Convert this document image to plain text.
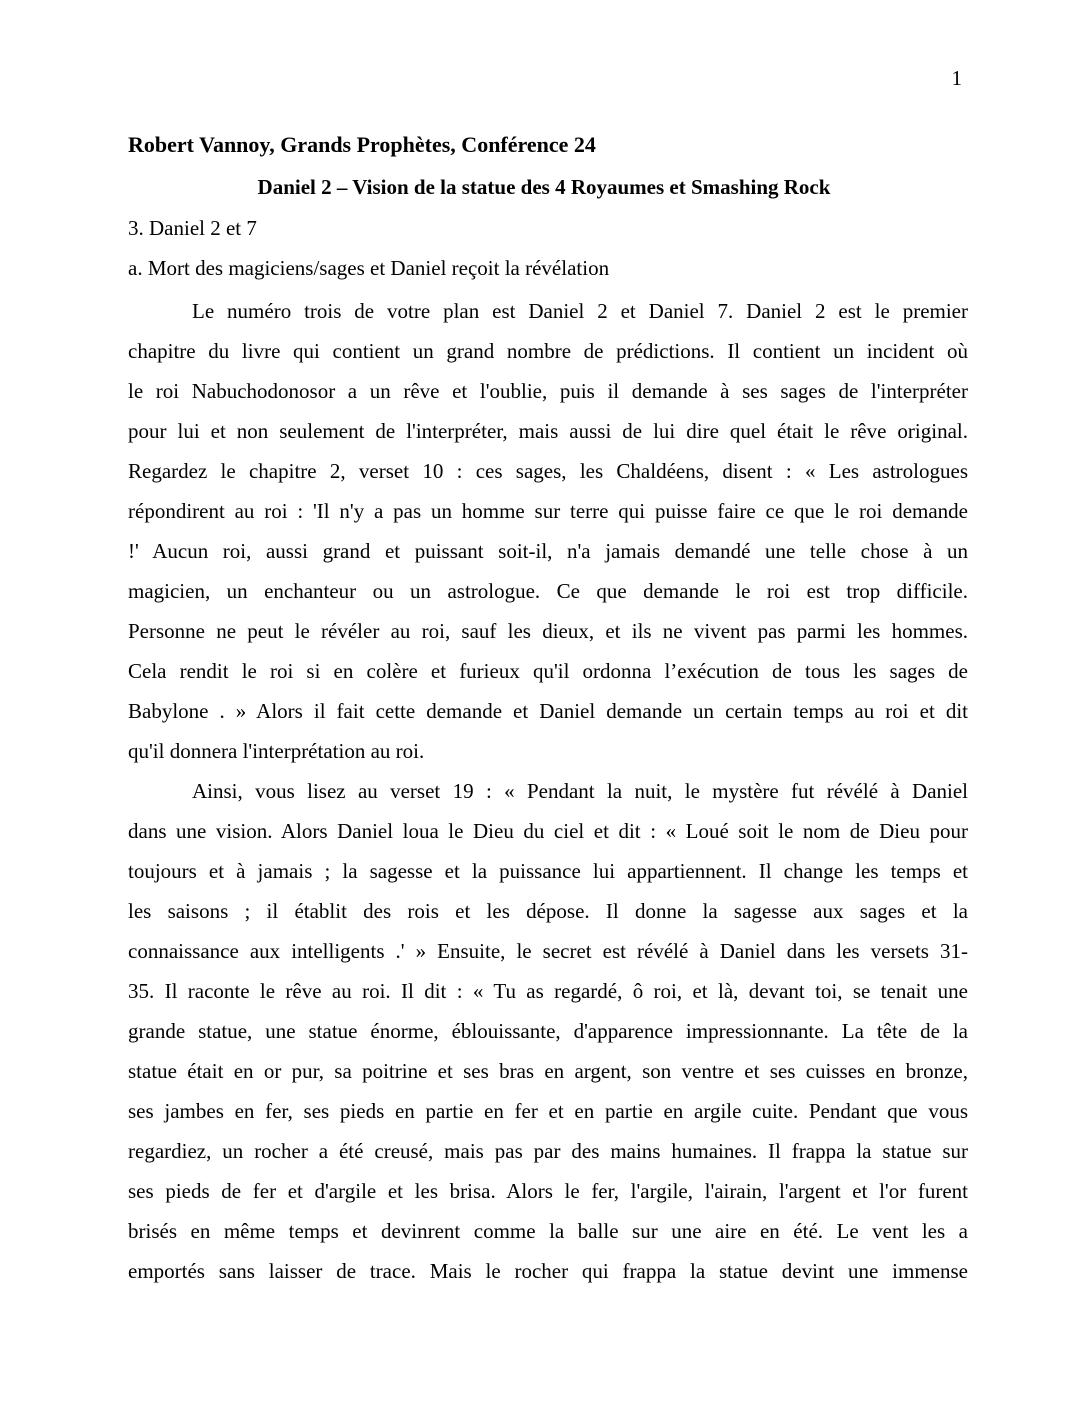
1
Robert Vannoy, Grands Prophètes, Conférence 24
Daniel 2 – Vision de la statue des 4 Royaumes et Smashing Rock
3. Daniel 2 et 7
a. Mort des magiciens/sages et Daniel reçoit la révélation
Le numéro trois de votre plan est Daniel 2 et Daniel 7. Daniel 2 est le premier
chapitre du livre qui contient un grand nombre de prédictions. Il contient un incident où
le roi Nabuchodonosor a un rêve et l'oublie, puis il demande à ses sages de l'interpréter
pour lui et non seulement de l'interpréter, mais aussi de lui dire quel était le rêve original.
Regardez le chapitre 2, verset 10 : ces sages, les Chaldéens, disent : « Les astrologues
répondirent au roi : 'Il n'y a pas un homme sur terre qui puisse faire ce que le roi demande
!' Aucun roi, aussi grand et puissant soit-il, n'a jamais demandé une telle chose à un
magicien, un enchanteur ou un astrologue. Ce que demande le roi est trop difficile.
Personne ne peut le révéler au roi, sauf les dieux, et ils ne vivent pas parmi les hommes.
Cela rendit le roi si en colère et furieux qu'il ordonna l’exécution de tous les sages de
Babylone . » Alors il fait cette demande et Daniel demande un certain temps au roi et dit
qu'il donnera l'interprétation au roi.
Ainsi, vous lisez au verset 19 : « Pendant la nuit, le mystère fut révélé à Daniel
dans une vision. Alors Daniel loua le Dieu du ciel et dit : « Loué soit le nom de Dieu pour
toujours et à jamais ; la sagesse et la puissance lui appartiennent. Il change les temps et
les saisons ; il établit des rois et les dépose. Il donne la sagesse aux sages et la
connaissance aux intelligents .' » Ensuite, le secret est révélé à Daniel dans les versets 31-
35. Il raconte le rêve au roi. Il dit : « Tu as regardé, ô roi, et là, devant toi, se tenait une
grande statue, une statue énorme, éblouissante, d'apparence impressionnante. La tête de la
statue était en or pur, sa poitrine et ses bras en argent, son ventre et ses cuisses en bronze,
ses jambes en fer, ses pieds en partie en fer et en partie en argile cuite. Pendant que vous
regardiez, un rocher a été creusé, mais pas par des mains humaines. Il frappa la statue sur
ses pieds de fer et d'argile et les brisa. Alors le fer, l'argile, l'airain, l'argent et l'or furent
brisés en même temps et devinrent comme la balle sur une aire en été. Le vent les a
emportés sans laisser de trace. Mais le rocher qui frappa la statue devint une immense
